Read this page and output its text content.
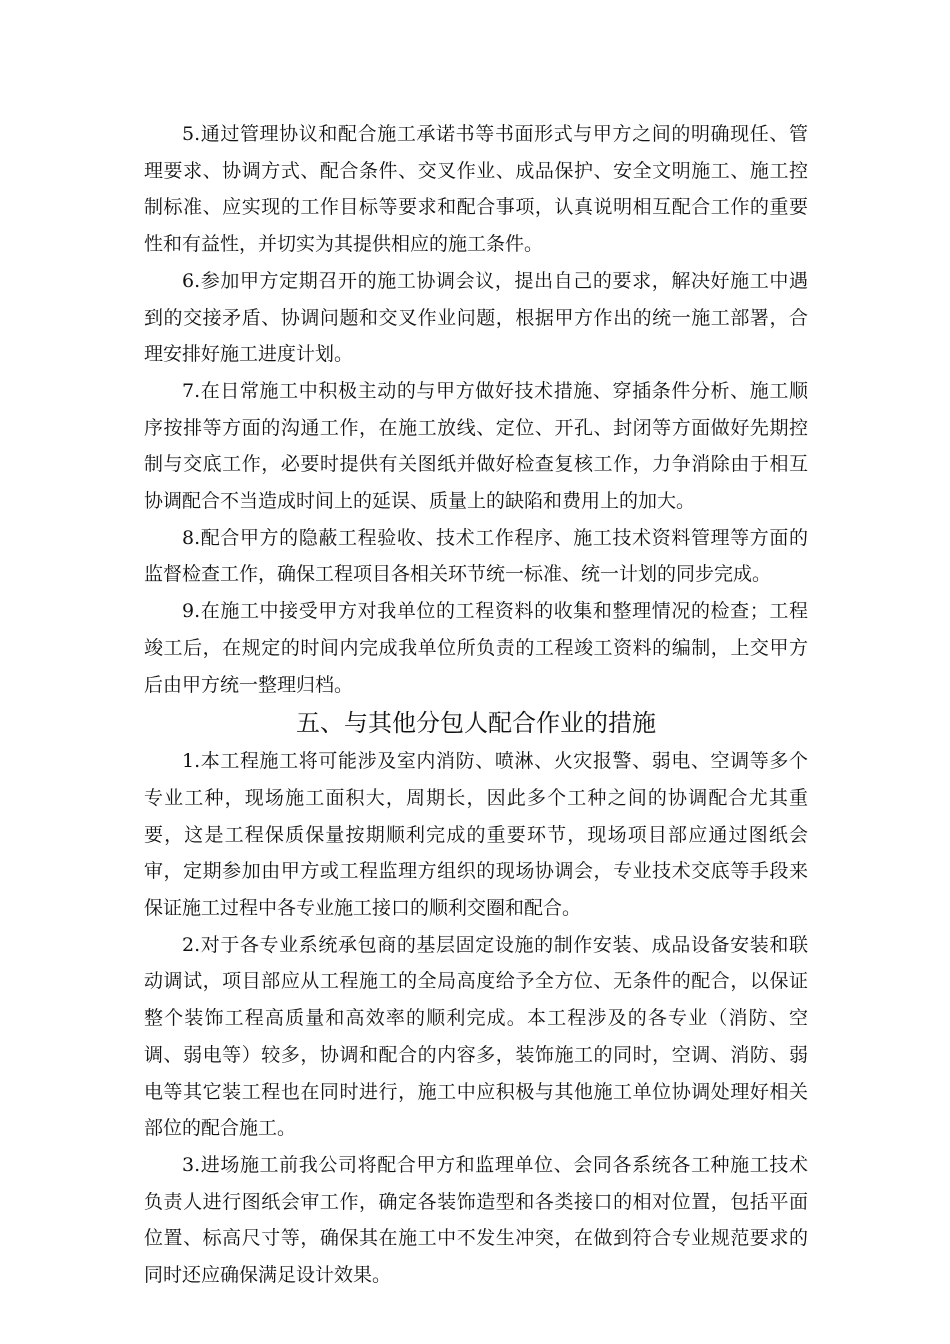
5.通过管理协议和配合施工承诺书等书面形式与甲方之间的明确现任、管理要求、协调方式、配合条件、交叉作业、成品保护、安全文明施工、施工控制标准、应实现的工作目标等要求和配合事项，认真说明相互配合工作的重要性和有益性，并切实为其提供相应的施工条件。

6.参加甲方定期召开的施工协调会议，提出自己的要求，解决好施工中遇到的交接矛盾、协调问题和交叉作业问题，根据甲方作出的统一施工部署，合理安排好施工进度计划。

7.在日常施工中积极主动的与甲方做好技术措施、穿插条件分析、施工顺序按排等方面的沟通工作，在施工放线、定位、开孔、封闭等方面做好先期控制与交底工作，必要时提供有关图纸并做好检查复核工作，力争消除由于相互协调配合不当造成时间上的延误、质量上的缺陷和费用上的加大。

8.配合甲方的隐蔽工程验收、技术工作程序、施工技术资料管理等方面的监督检查工作，确保工程项目各相关环节统一标准、统一计划的同步完成。

9.在施工中接受甲方对我单位的工程资料的收集和整理情况的检查；工程竣工后，在规定的时间内完成我单位所负责的工程竣工资料的编制，上交甲方后由甲方统一整理归档。

五、与其他分包人配合作业的措施

1.本工程施工将可能涉及室内消防、喷淋、火灾报警、弱电、空调等多个专业工种，现场施工面积大，周期长，因此多个工种之间的协调配合尤其重要，这是工程保质保量按期顺利完成的重要环节，现场项目部应通过图纸会审，定期参加由甲方或工程监理方组织的现场协调会，专业技术交底等手段来保证施工过程中各专业施工接口的顺利交圈和配合。

2.对于各专业系统承包商的基层固定设施的制作安装、成品设备安装和联动调试，项目部应从工程施工的全局高度给予全方位、无条件的配合，以保证整个装饰工程高质量和高效率的顺利完成。本工程涉及的各专业（消防、空调、弱电等）较多，协调和配合的内容多，装饰施工的同时，空调、消防、弱电等其它装工程也在同时进行，施工中应积极与其他施工单位协调处理好相关部位的配合施工。

3.进场施工前我公司将配合甲方和监理单位、会同各系统各工种施工技术负责人进行图纸会审工作，确定各装饰造型和各类接口的相对位置，包括平面位置、标高尺寸等，确保其在施工中不发生冲突，在做到符合专业规范要求的同时还应确保满足设计效果。
